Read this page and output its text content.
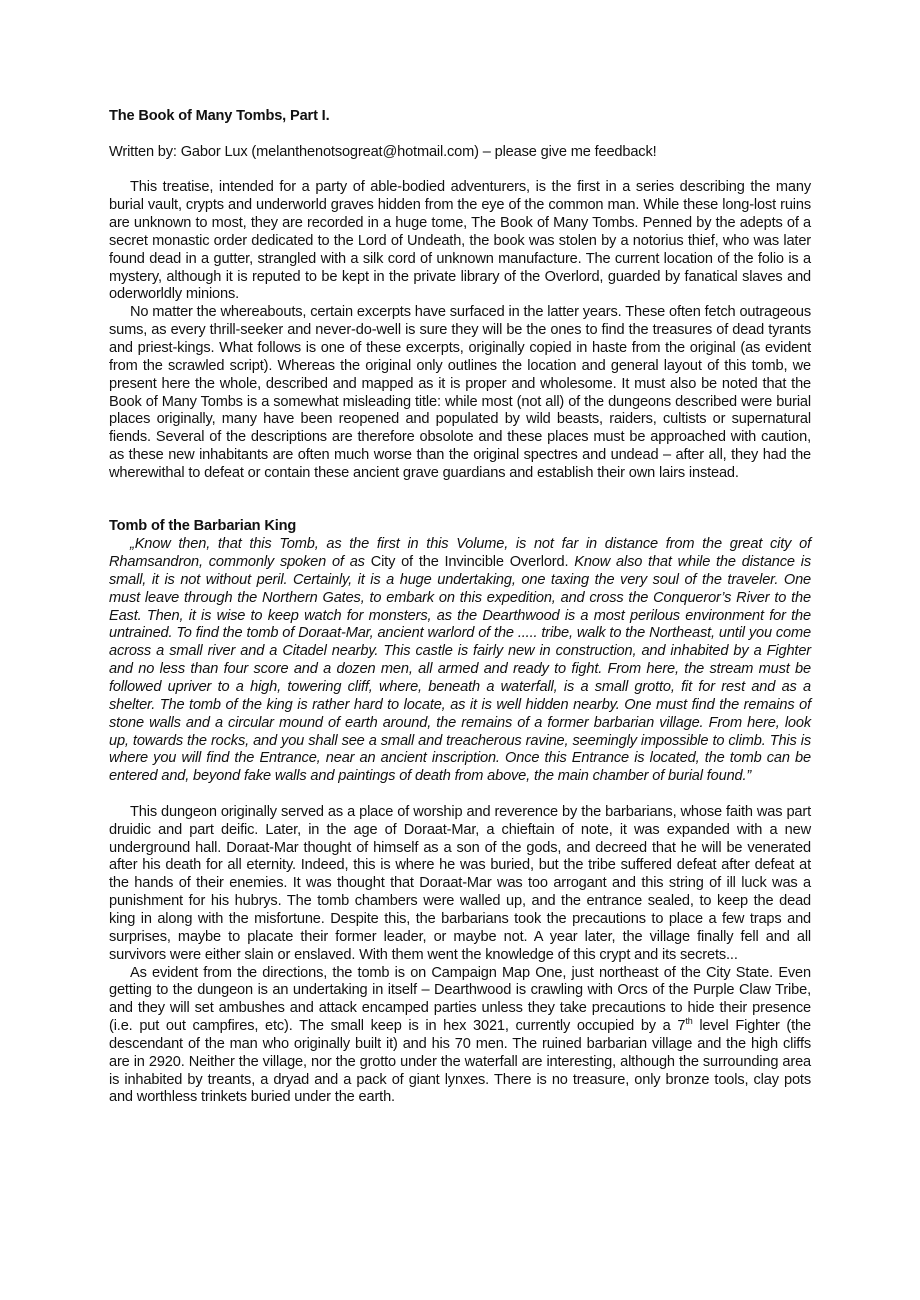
The Book of Many Tombs, Part I.

Written by: Gabor Lux (melanthenotsogreat@hotmail.com) – please give me feedback!

This treatise, intended for a party of able-bodied adventurers, is the first in a series describing the many burial vault, crypts and underworld graves hidden from the eye of the common man. While these long-lost ruins are unknown to most, they are recorded in a huge tome, The Book of Many Tombs. Penned by the adepts of a secret monastic order dedicated to the Lord of Undeath, the book was stolen by a notorius thief, who was later found dead in a gutter, strangled with a silk cord of unknown manufacture. The current location of the folio is a mystery, although it is reputed to be kept in the private library of the Overlord, guarded by fanatical slaves and oderworldly minions.

No matter the whereabouts, certain excerpts have surfaced in the latter years. These often fetch outrageous sums, as every thrill-seeker and never-do-well is sure they will be the ones to find the treasures of dead tyrants and priest-kings. What follows is one of these excerpts, originally copied in haste from the original (as evident from the scrawled script). Whereas the original only outlines the location and general layout of this tomb, we present here the whole, described and mapped as it is proper and wholesome. It must also be noted that the Book of Many Tombs is a somewhat misleading title: while most (not all) of the dungeons described were burial places originally, many have been reopened and populated by wild beasts, raiders, cultists or supernatural fiends. Several of the descriptions are therefore obsolote and these places must be approached with caution, as these new inhabitants are often much worse than the original spectres and undead – after all, they had the wherewithal to defeat or contain these ancient grave guardians and establish their own lairs instead.

Tomb of the Barbarian King

„Know then, that this Tomb, as the first in this Volume, is not far in distance from the great city of Rhamsandron, commonly spoken of as City of the Invincible Overlord. Know also that while the distance is small, it is not without peril. Certainly, it is a huge undertaking, one taxing the very soul of the traveler. One must leave through the Northern Gates, to embark on this expedition, and cross the Conqueror’s River to the East. Then, it is wise to keep watch for monsters, as the Dearthwood is a most perilous environment for the untrained. To find the tomb of Doraat-Mar, ancient warlord of the ..... tribe, walk to the Northeast, until you come across a small river and a Citadel nearby. This castle is fairly new in construction, and inhabited by a Fighter and no less than four score and a dozen men, all armed and ready to fight. From here, the stream must be followed upriver to a high, towering cliff, where, beneath a waterfall, is a small grotto, fit for rest and as a shelter. The tomb of the king is rather hard to locate, as it is well hidden nearby. One must find the remains of stone walls and a circular mound of earth around, the remains of a former barbarian village. From here, look up, towards the rocks, and you shall see a small and treacherous ravine, seemingly impossible to climb. This is where you will find the Entrance, near an ancient inscription. Once this Entrance is located, the tomb can be entered and, beyond fake walls and paintings of death from above, the main chamber of burial found.”

This dungeon originally served as a place of worship and reverence by the barbarians, whose faith was part druidic and part deific. Later, in the age of Doraat-Mar, a chieftain of note, it was expanded with a new underground hall. Doraat-Mar thought of himself as a son of the gods, and decreed that he will be venerated after his death for all eternity. Indeed, this is where he was buried, but the tribe suffered defeat after defeat at the hands of their enemies. It was thought that Doraat-Mar was too arrogant and this string of ill luck was a punishment for his hubrys. The tomb chambers were walled up, and the entrance sealed, to keep the dead king in along with the misfortune. Despite this, the barbarians took the precautions to place a few traps and surprises, maybe to placate their former leader, or maybe not. A year later, the village finally fell and all survivors were either slain or enslaved. With them went the knowledge of this crypt and its secrets...

As evident from the directions, the tomb is on Campaign Map One, just northeast of the City State. Even getting to the dungeon is an undertaking in itself – Dearthwood is crawling with Orcs of the Purple Claw Tribe, and they will set ambushes and attack encamped parties unless they take precautions to hide their presence (i.e. put out campfires, etc). The small keep is in hex 3021, currently occupied by a 7th level Fighter (the descendant of the man who originally built it) and his 70 men. The ruined barbarian village and the high cliffs are in 2920. Neither the village, nor the grotto under the waterfall are interesting, although the surrounding area is inhabited by treants, a dryad and a pack of giant lynxes. There is no treasure, only bronze tools, clay pots and worthless trinkets buried under the earth.
